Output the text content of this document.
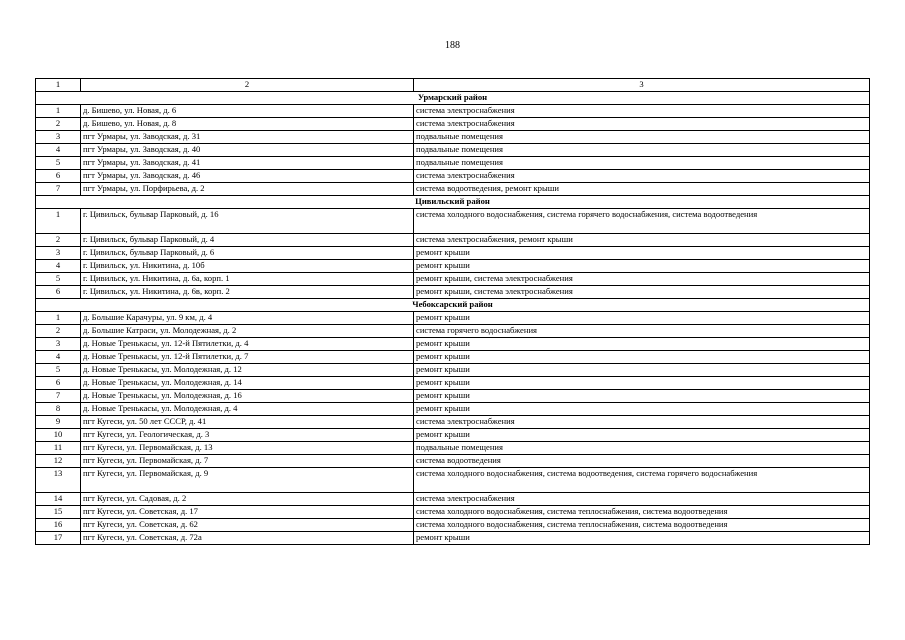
188
1	2	3
Урмарский район		
1	д. Бишево, ул. Новая, д. 6	система электроснабжения
2	д. Бишево, ул. Новая, д. 8	система электроснабжения
3	пгт Урмары, ул. Заводская, д. 31	подвальные помещения
4	пгт Урмары, ул. Заводская, д. 40	подвальные помещения
5	пгт Урмары, ул. Заводская, д. 41	подвальные помещения
6	пгт Урмары, ул. Заводская, д. 46	система электроснабжения
7	пгт Урмары, ул. Порфирьева, д. 2	система водоотведения, ремонт крыши
Цивильский район		
1	г. Цивильск, бульвар Парковый, д. 16	система холодного водоснабжения, система горячего водоснабжения, система водоотведения
2	г. Цивильск, бульвар Парковый, д. 4	система электроснабжения, ремонт крыши
3	г. Цивильск, бульвар Парковый, д. 6	ремонт крыши
4	г. Цивильск, ул. Никитина, д. 10б	ремонт крыши
5	г. Цивильск, ул. Никитина, д. 6а, корп. 1	ремонт крыши, система электроснабжения
6	г. Цивильск, ул. Никитина, д. 6в, корп. 2	ремонт крыши, система электроснабжения
Чебоксарский район		
1	д. Большие Карачуры, ул. 9 км, д. 4	ремонт крыши
2	д. Большие Катраси, ул. Молодежная, д. 2	система горячего водоснабжения
3	д. Новые Тренькасы, ул. 12-й Пятилетки, д. 4	ремонт крыши
4	д. Новые Тренькасы, ул. 12-й Пятилетки, д. 7	ремонт крыши
5	д. Новые Тренькасы, ул. Молодежная, д. 12	ремонт крыши
6	д. Новые Тренькасы, ул. Молодежная, д. 14	ремонт крыши
7	д. Новые Тренькасы, ул. Молодежная, д. 16	ремонт крыши
8	д. Новые Тренькасы, ул. Молодежная, д. 4	ремонт крыши
9	пгт Кугеси, ул. 50 лет СССР, д. 41	система электроснабжения
10	пгт Кугеси, ул. Геологическая, д. 3	ремонт крыши
11	пгт Кугеси, ул. Первомайская, д. 13	подвальные помещения
12	пгт Кугеси, ул. Первомайская, д. 7	система водоотведения
13	пгт Кугеси, ул. Первомайская, д. 9	система холодного водоснабжения, система водоотведения, система горячего водоснабжения
14	пгт Кугеси, ул. Садовая, д. 2	система электроснабжения
15	пгт Кугеси, ул. Советская, д. 17	система холодного водоснабжения, система теплоснабжения, система водоотведения
16	пгт Кугеси, ул. Советская, д. 62	система холодного водоснабжения, система теплоснабжения, система водоотведения
17	пгт Кугеси, ул. Советская, д. 72а	ремонт крыши
